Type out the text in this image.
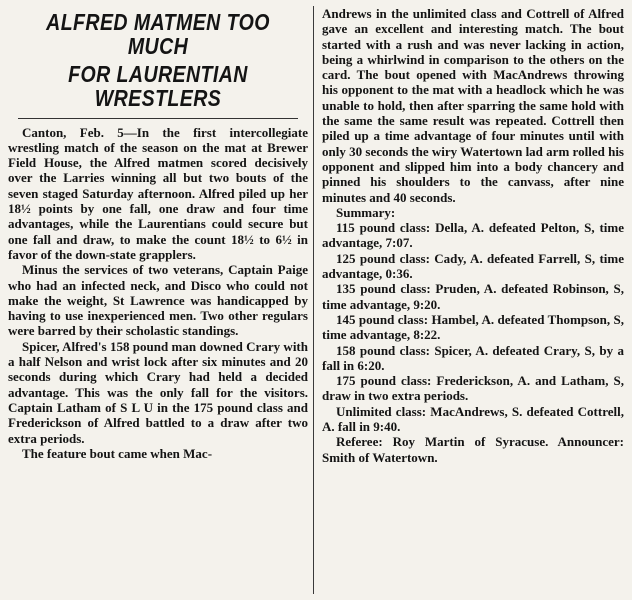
ALFRED MATMEN TOO MUCH
FOR LAURENTIAN WRESTLERS

Canton, Feb. 5—In the first intercollegiate wrestling match of the season on the mat at Brewer Field House, the Alfred matmen scored decisively over the Larries winning all but two bouts of the seven staged Saturday afternoon. Alfred piled up her 18½ points by one fall, one draw and four time advantages, while the Laurentians could secure but one fall and draw, to make the count 18½ to 6½ in favor of the down-state grapplers.

Minus the services of two veterans, Captain Paige who had an infected neck, and Disco who could not make the weight, St Lawrence was handicapped by having to use inexperienced men. Two other regulars were barred by their scholastic standings.

Spicer, Alfred's 158 pound man downed Crary with a half Nelson and wrist lock after six minutes and 20 seconds during which Crary had held a decided advantage. This was the only fall for the visitors. Captain Latham of S L U in the 175 pound class and Frederickson of Alfred battled to a draw after two extra periods.

The feature bout came when Mac-

Andrews in the unlimited class and Cottrell of Alfred gave an excellent and interesting match. The bout started with a rush and was never lacking in action, being a whirlwind in comparison to the others on the card. The bout opened with MacAndrews throwing his opponent to the mat with a headlock which he was unable to hold, then after sparring the same hold with the same the same result was repeated. Cottrell then piled up a time advantage of four minutes until with only 30 seconds the wiry Watertown lad arm rolled his opponent and slipped him into a body chancery and pinned his shoulders to the canvass, after nine minutes and 40 seconds.

Summary:

115 pound class: Della, A. defeated Pelton, S, time advantage, 7:07.

125 pound class: Cady, A. defeated Farrell, S, time advantage, 0:36.

135 pound class: Pruden, A. defeated Robinson, S, time advantage, 9:20.

145 pound class: Hambel, A. defeated Thompson, S, time advantage, 8:22.

158 pound class: Spicer, A. defeated Crary, S, by a fall in 6:20.

175 pound class: Frederickson, A. and Latham, S, draw in two extra periods.

Unlimited class: MacAndrews, S. defeated Cottrell, A. fall in 9:40.

Referee: Roy Martin of Syracuse. Announcer: Smith of Watertown.
